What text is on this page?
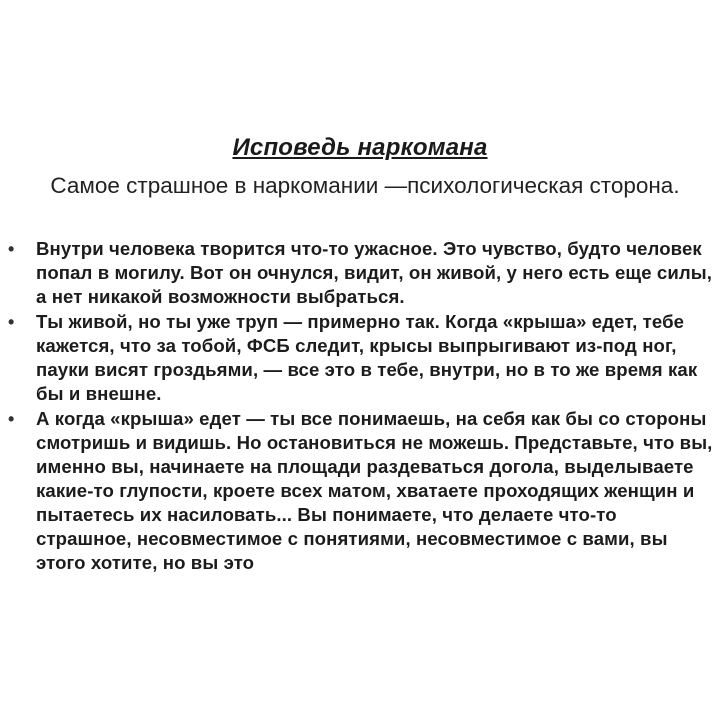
Исповедь наркомана
Самое страшное в наркомании —психологическая сторона.
• Внутри человека творится что-то ужасное. Это чувство, будто человек попал в могилу. Вот он очнулся, видит, он живой, у него есть еще силы, а нет никакой возможности выбраться.
• Ты живой, но ты уже труп — примерно так. Когда «крыша» едет, тебе кажется, что за тобой, ФСБ следит, крысы выпрыгивают из-под ног, пауки висят гроздьями, — все это в тебе, внутри, но в то же время как бы и внешне.
• А когда «крыша» едет — ты все понимаешь, на себя как бы со стороны смотришь и видишь. Но остановиться не можешь. Представьте, что вы, именно вы, начинаете на площади раздеваться догола, выделываете какие-то глупости, кроете всех матом, хватаете проходящих женщин и пытаетесь их насиловать... Вы понимаете, что делаете что-то страшное, несовместимое с понятиями, несовместимое с вами, вы этого хотите, но вы это
